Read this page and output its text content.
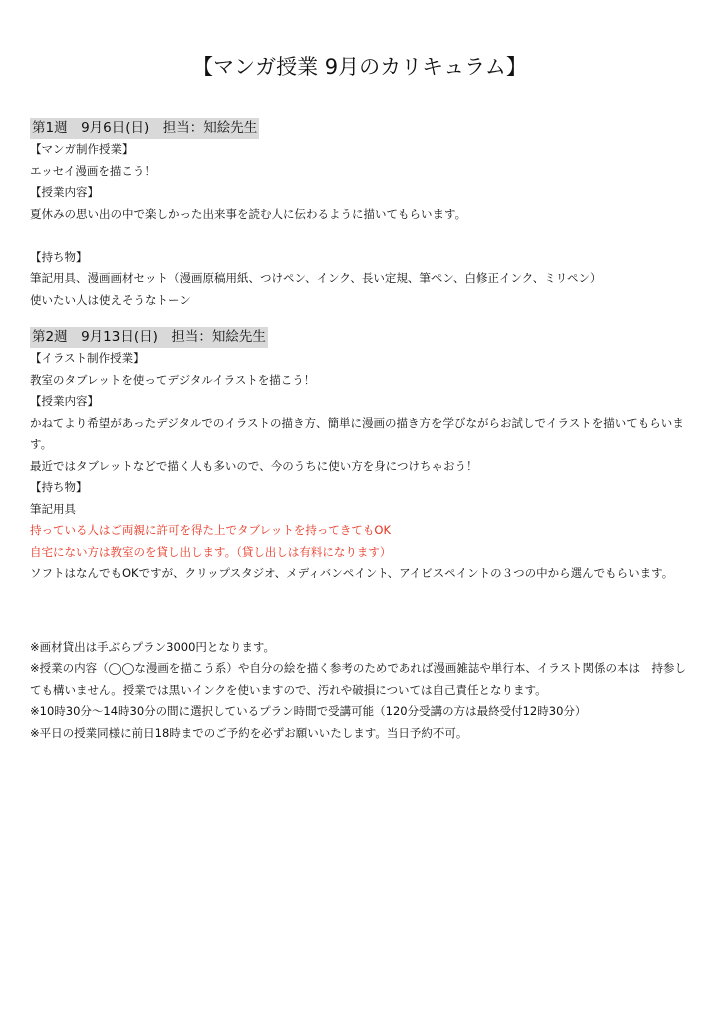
【マンガ授業 9月のカリキュラム】
第1週　9月6日(日)　担当：知絵先生
【マンガ制作授業】
エッセイ漫画を描こう！
【授業内容】
夏休みの思い出の中で楽しかった出来事を読む人に伝わるように描いてもらいます。
【持ち物】
筆記用具、漫画画材セット（漫画原稿用紙、つけペン、インク、長い定規、筆ペン、白修正インク、ミリペン）
使いたい人は使えそうなトーン
第2週　9月13日(日)　担当：知絵先生
【イラスト制作授業】
教室のタブレットを使ってデジタルイラストを描こう！
【授業内容】
かねてより希望があったデジタルでのイラストの描き方、簡単に漫画の描き方を学びながらお試しでイラストを描いてもらいます。
最近ではタブレットなどで描く人も多いので、今のうちに使い方を身につけちゃおう！
【持ち物】
筆記用具
持っている人はご両親に許可を得た上でタブレットを持ってきてもOK
自宅にない方は教室のを貸し出します。（貸し出しは有料になります）
ソフトはなんでもOKですが、クリップスタジオ、メディバンペイント、アイビスペイントの３つの中から選んでもらいます。
※画材貸出は手ぶらプラン3000円となります。
※授業の内容（◯◯な漫画を描こう系）や自分の絵を描く参考のためであれば漫画雑誌や単行本、イラスト関係の本は　持参しても構いません。授業では黒いインクを使いますので、汚れや破損については自己責任となります。
※10時30分〜14時30分の間に選択しているプラン時間で受講可能（120分受講の方は最終受付12時30分）
※平日の授業同様に前日18時までのご予約を必ずお願いいたします。当日予約不可。
